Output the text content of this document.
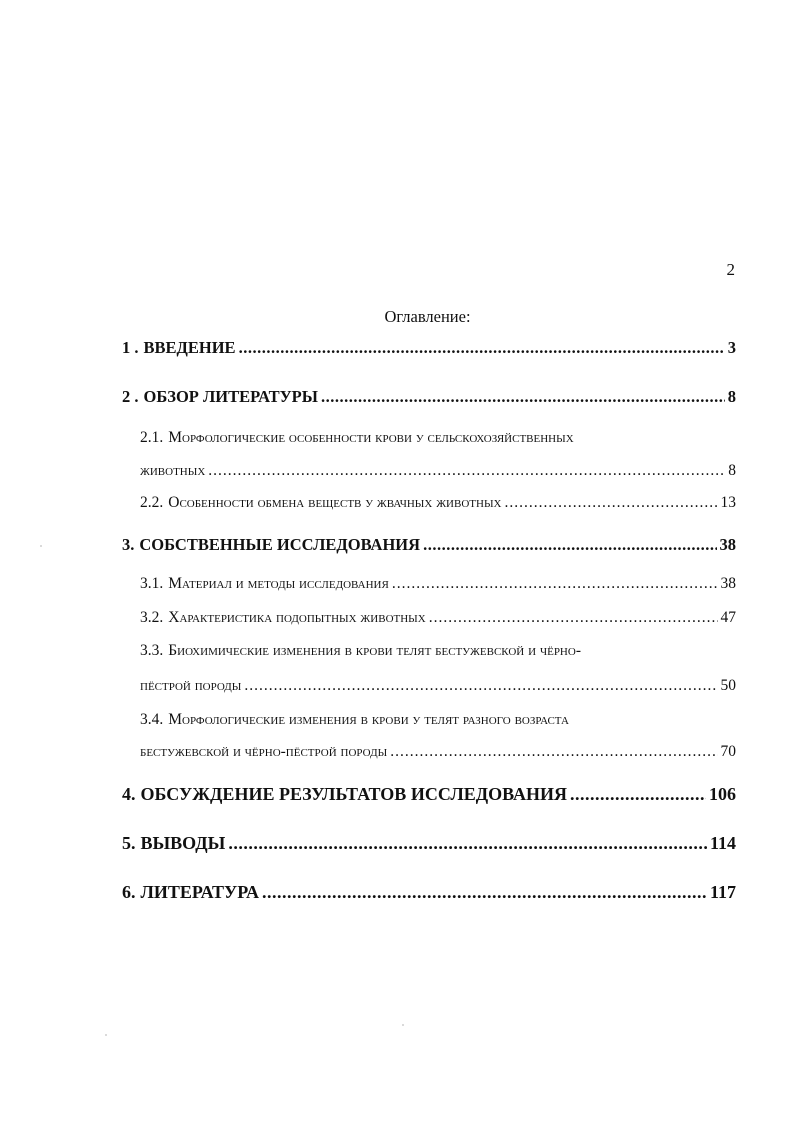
2
Оглавление:
1 . ВВЕДЕНИЕ .....	3
2 . ОБЗОР ЛИТЕРАТУРЫ .....	8
2.1. Морфологические особенности крови у сельскохозяйственных
животных .....	8
2.2. Особенности обмена веществ у жвачных животных .....	13
3. СОБСТВЕННЫЕ ИССЛЕДОВАНИЯ .....	38
3.1. Материал и методы исследования .....	38
3.2. Характеристика подопытных животных .....	47
3.3. Биохимические изменения в крови телят бестужевской и чёрно-
пёстрой породы .....	50
3.4. Морфологические изменения в крови у телят разного возраста
бестужевской и чёрно-пёстрой породы .....	70
4. ОБСУЖДЕНИЕ РЕЗУЛЬТАТОВ ИССЛЕДОВАНИЯ .....	106
5. ВЫВОДЫ .....	114
6. ЛИТЕРАТУРА .....	117
